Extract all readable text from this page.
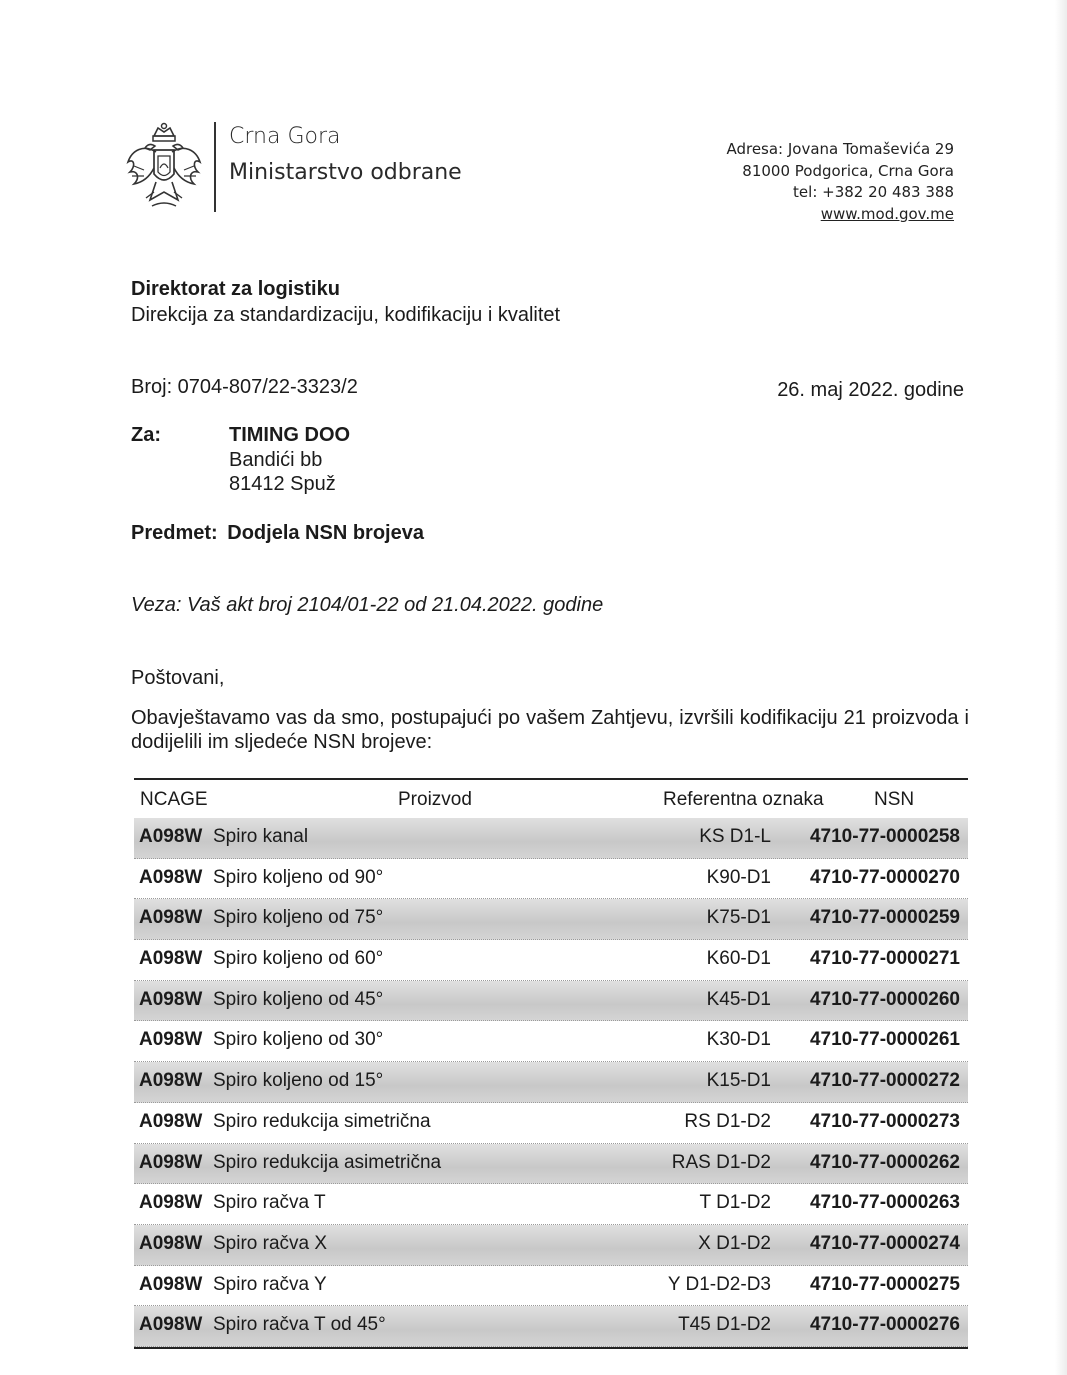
Crna Gora
Ministarstvo odbrane
Adresa: Jovana Tomaševića 29
81000 Podgorica, Crna Gora
tel: +382 20 483 388
www.mod.gov.me
Direktorat za logistiku
Direkcija za standardizaciju, kodifikaciju i kvalitet
Broj: 0704-807/22-3323/2	26. maj 2022. godine
Za:	TIMING DOO
Bandići bb
81412 Spuž
Predmet: Dodjela NSN brojeva
Veza: Vaš akt broj 2104/01-22 od 21.04.2022. godine
Poštovani,
Obavještavamo vas da smo, postupajući po vašem Zahtjevu, izvršili kodifikaciju 21 proizvoda i dodijelili im sljedeće NSN brojeve:
NCAGE	Proizvod	Referentna oznaka	NSN
A098W Spiro kanal	KS D1-L 4710-77-0000258
A098W Spiro koljeno od 90°	K90-D1 4710-77-0000270
A098W Spiro koljeno od 75°	K75-D1 4710-77-0000259
A098W Spiro koljeno od 60°	K60-D1 4710-77-0000271
A098W Spiro koljeno od 45°	K45-D1 4710-77-0000260
A098W Spiro koljeno od 30°	K30-D1 4710-77-0000261
A098W Spiro koljeno od 15°	K15-D1 4710-77-0000272
A098W Spiro redukcija simetrična	RS D1-D2 4710-77-0000273
A098W Spiro redukcija asimetrična	RAS D1-D2 4710-77-0000262
A098W Spiro račva T	T D1-D2 4710-77-0000263
A098W Spiro račva X	X D1-D2 4710-77-0000274
A098W Spiro račva Y	Y D1-D2-D3 4710-77-0000275
A098W Spiro račva T od 45°	T45 D1-D2 4710-77-0000276
